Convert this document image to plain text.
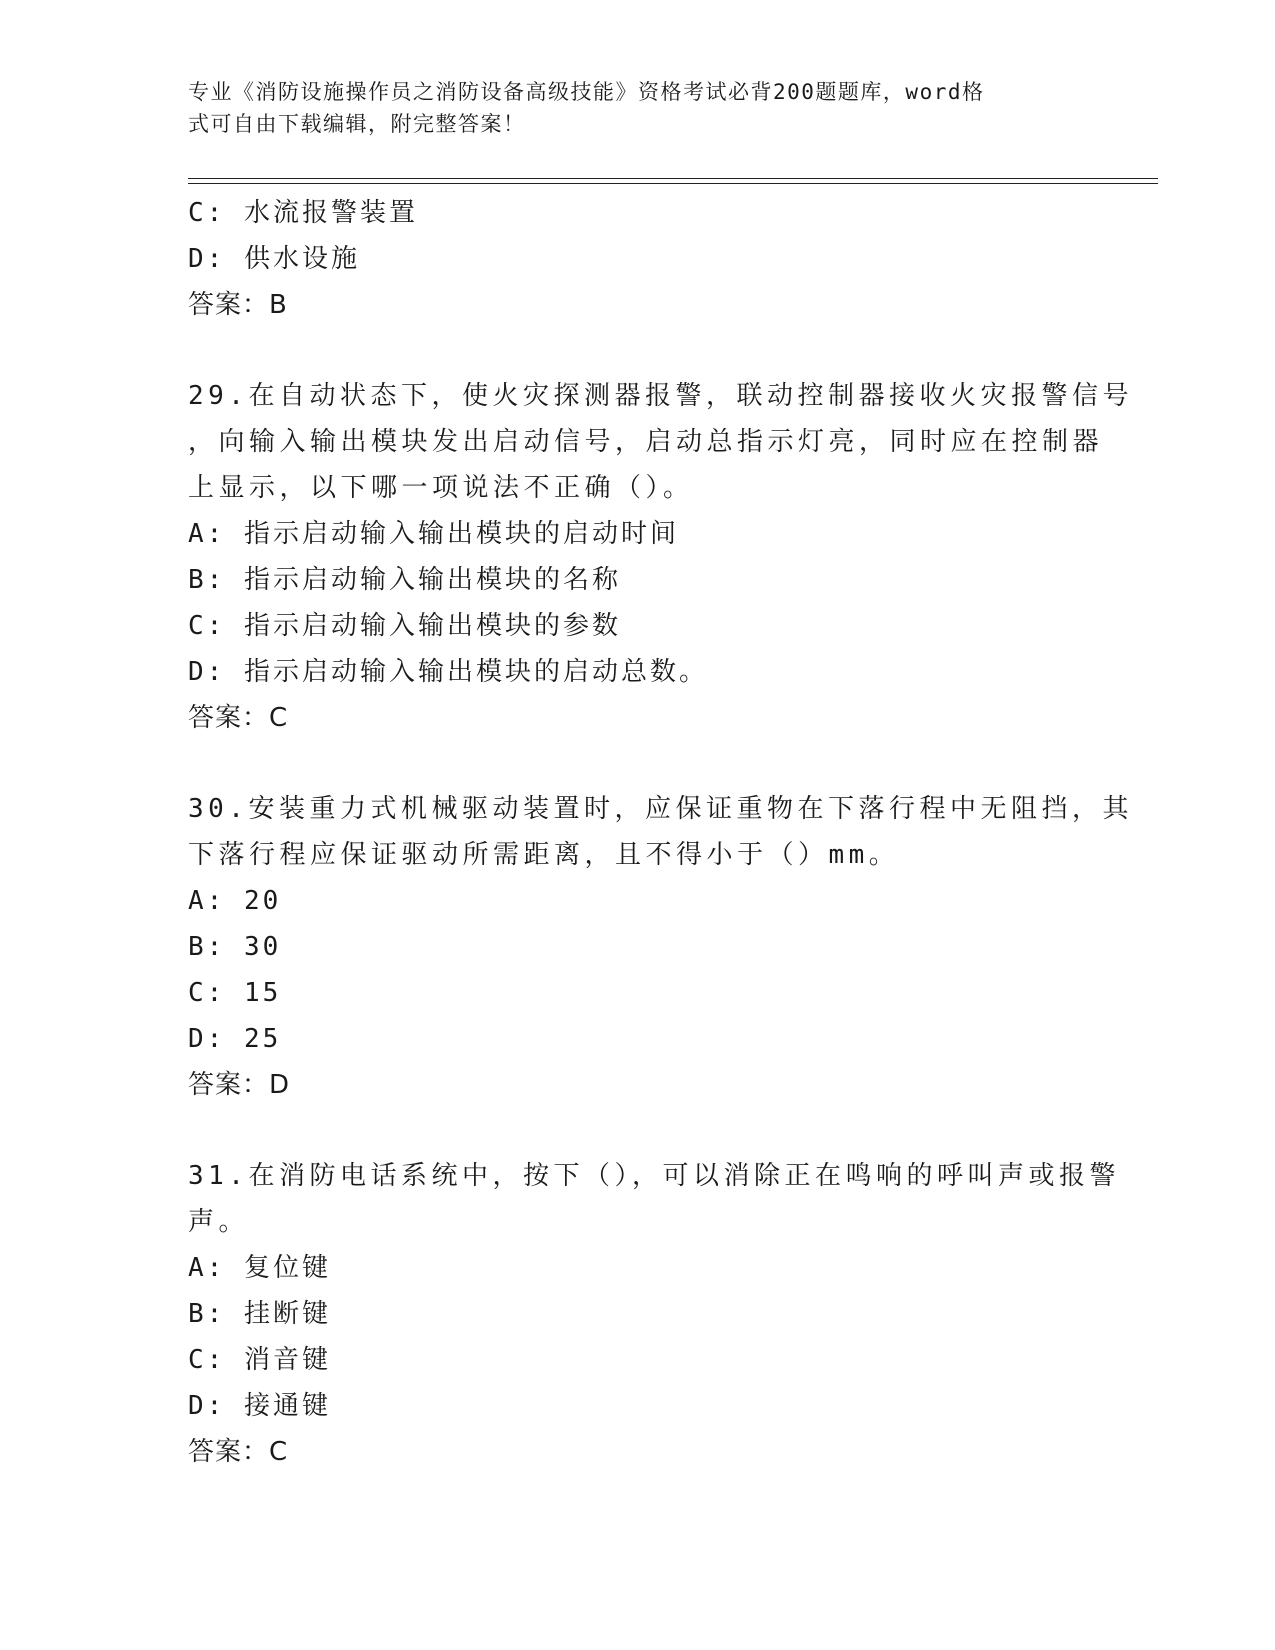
专业《消防设施操作员之消防设备高级技能》资格考试必背200题题库，word格
式可自由下载编辑，附完整答案！
C: 水流报警装置
D: 供水设施
答案：B
29.在自动状态下，使火灾探测器报警，联动控制器接收火灾报警信号
，向输入输出模块发出启动信号，启动总指示灯亮，同时应在控制器
上显示，以下哪一项说法不正确（）。
A: 指示启动输入输出模块的启动时间
B: 指示启动输入输出模块的名称
C: 指示启动输入输出模块的参数
D: 指示启动输入输出模块的启动总数。
答案：C
30.安装重力式机械驱动装置时，应保证重物在下落行程中无阻挡，其
下落行程应保证驱动所需距离，且不得小于（）mm。
A: 20
B: 30
C: 15
D: 25
答案：D
31.在消防电话系统中，按下（），可以消除正在鸣响的呼叫声或报警
声。
A: 复位键
B: 挂断键
C: 消音键
D: 接通键
答案：C
